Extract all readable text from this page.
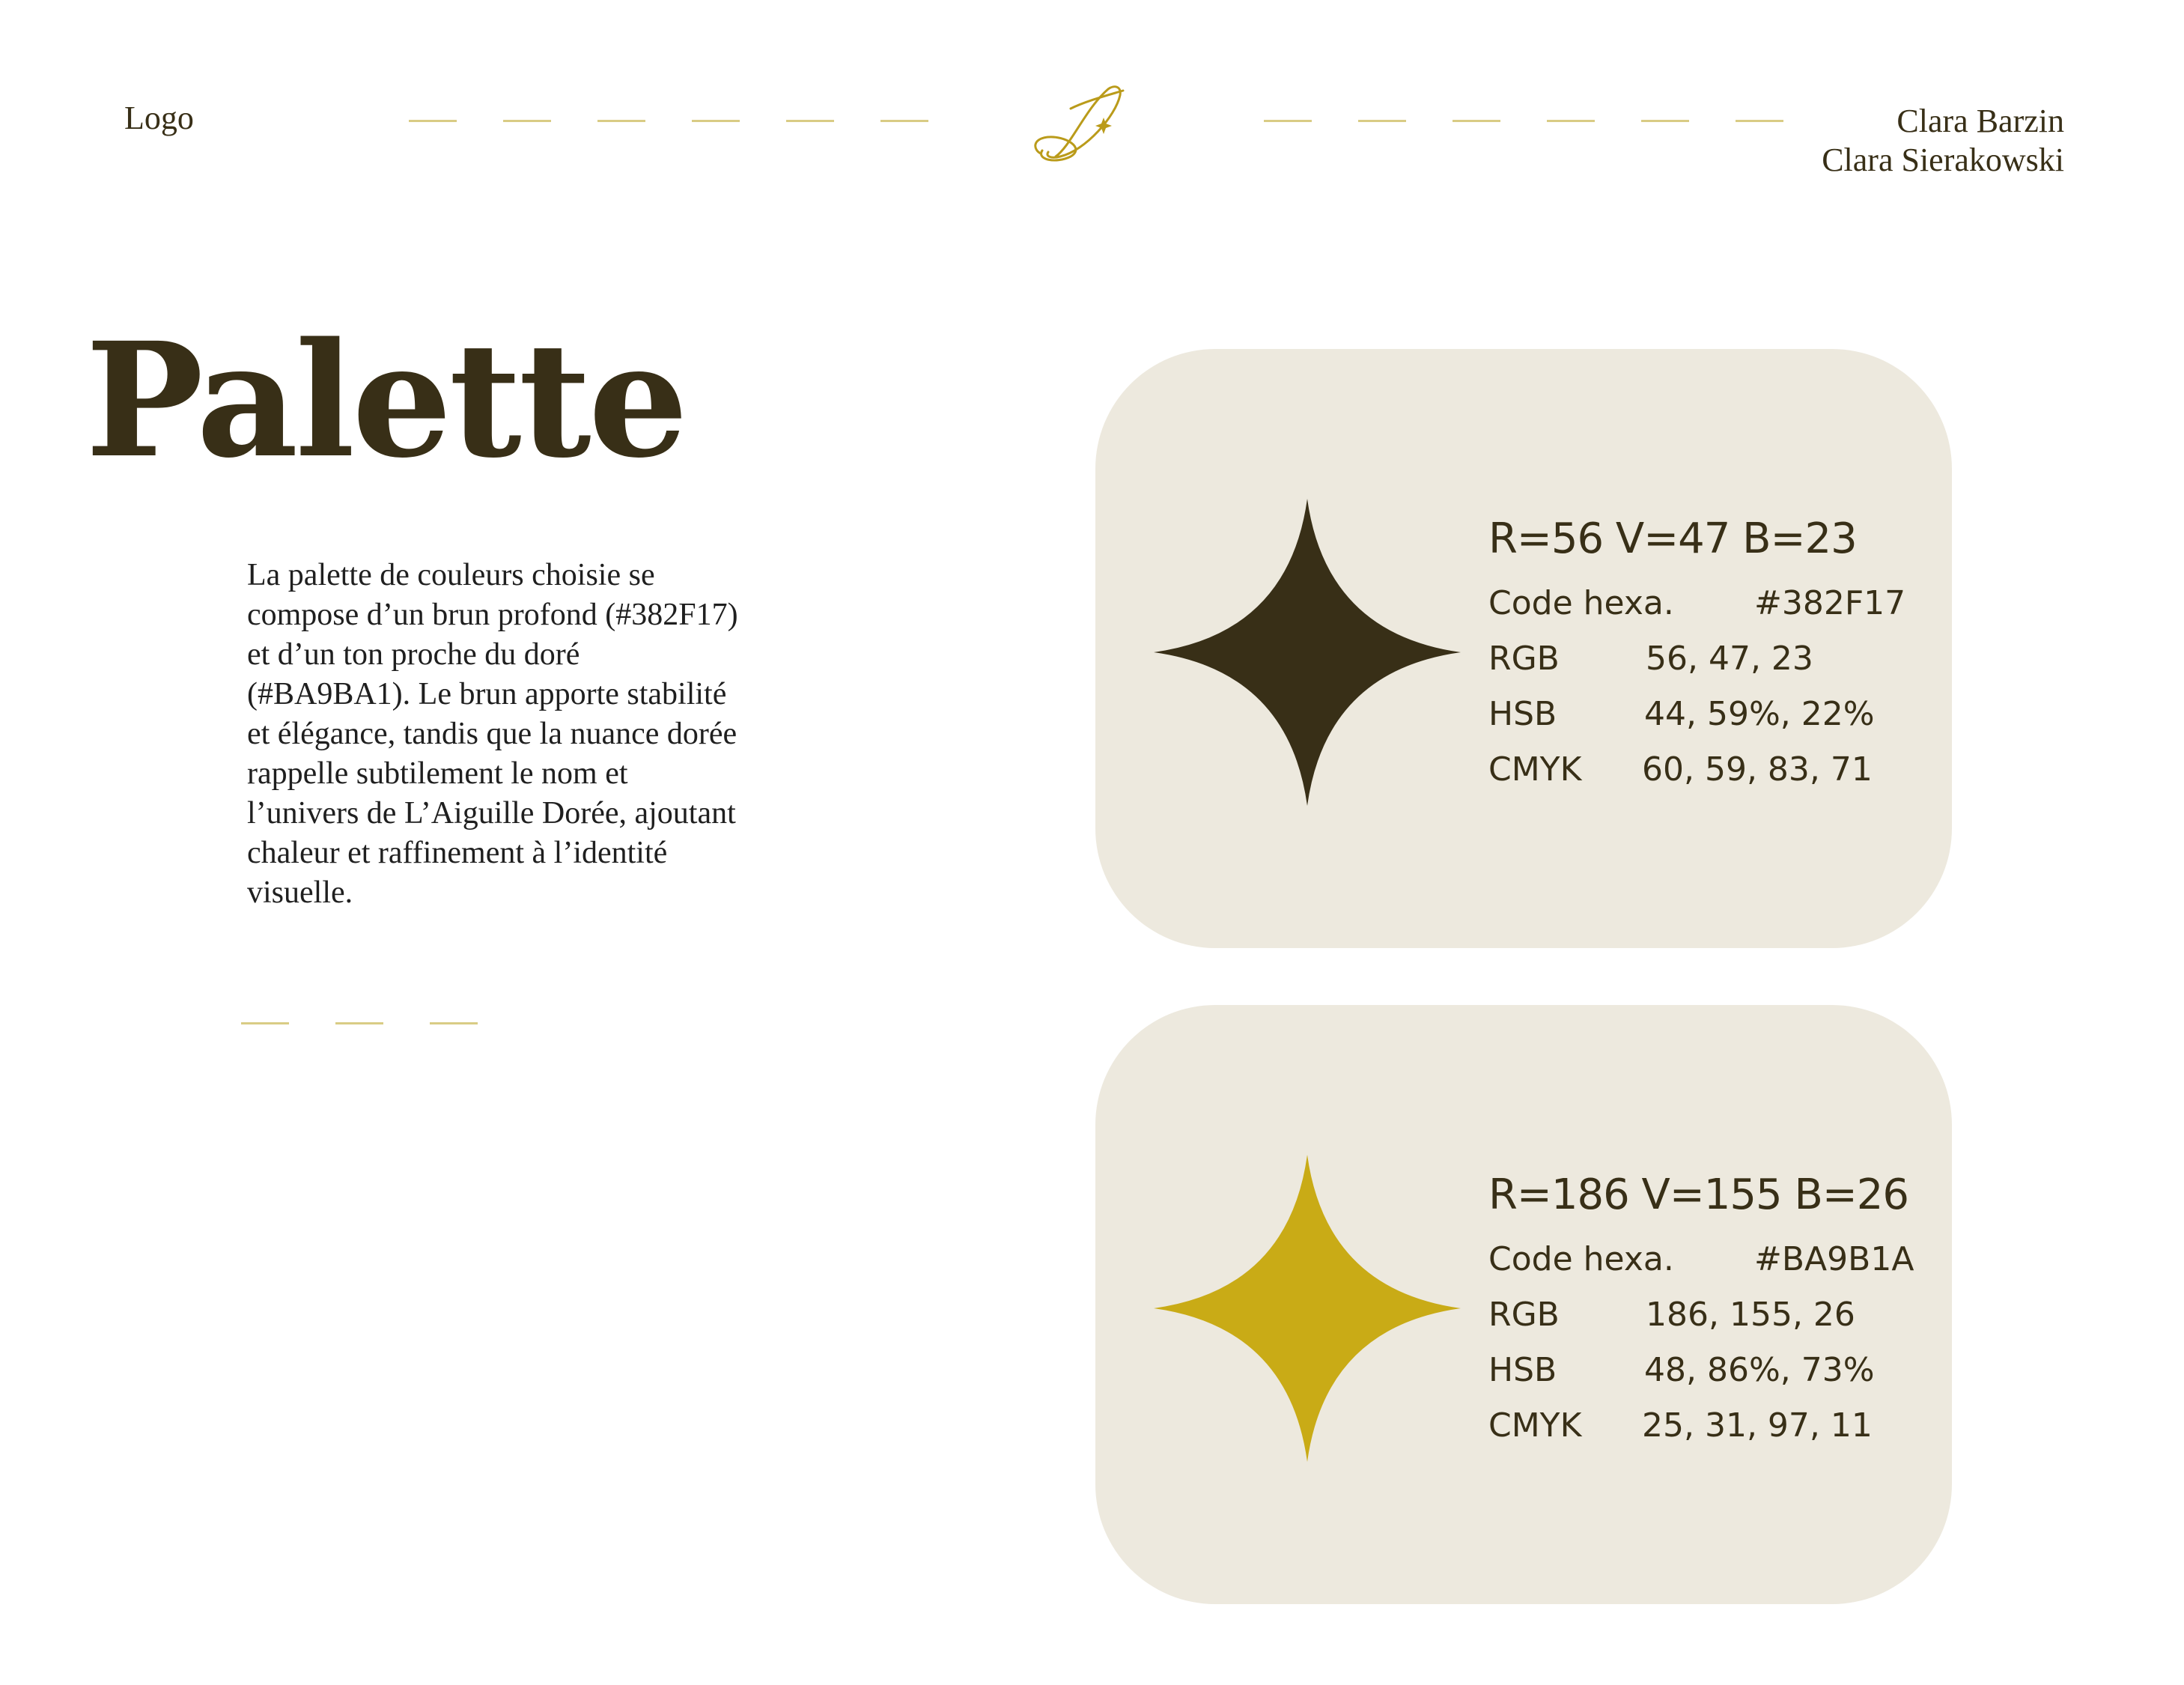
Logo	Clara Barzin
Clara Sierakowski
Palette
La palette de couleurs choisie se compose d’un brun profond (#382F17) et d’un ton proche du doré (#BA9BA1). Le brun apporte stabilité et élégance, tandis que la nuance dorée rappelle subtilement le nom et l’univers de L’Aiguille Dorée, ajoutant chaleur et raffinement à l’identité visuelle.
R=56 V=47 B=23
Code hexa. #382F17
RGB	56, 47, 23
HSB	44, 59%, 22%
CMYK 60, 59, 83, 71
R=186 V=155 B=26
Code hexa. #BA9B1A
RGB	186, 155, 26
HSB	48, 86%, 73%
CMYK 25, 31, 97, 11
